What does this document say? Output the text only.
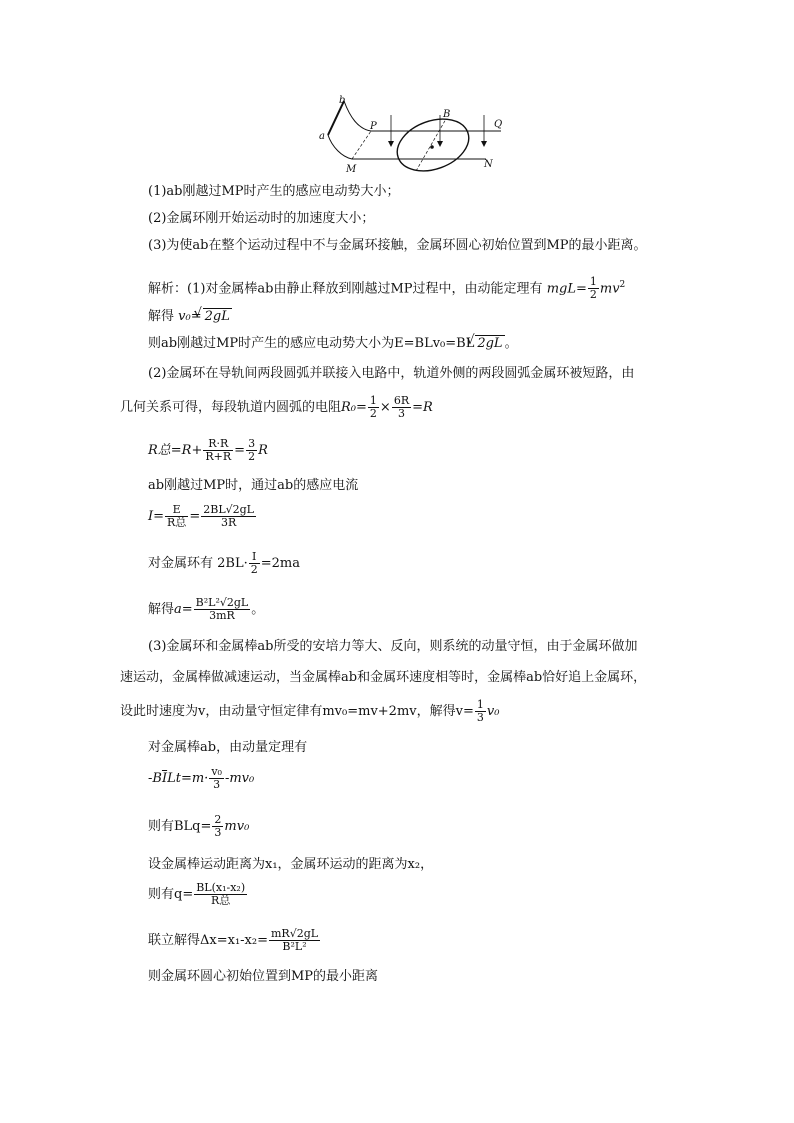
b
a
P
B
Q
M	N
(1)ab刚越过MP时产生的感应电动势大小；
(2)金属环刚开始运动时的加速度大小；
(3)为使ab在整个运动过程中不与金属环接触，金属环圆心初始位置到MP的最小距离。
解析：(1)对金属棒ab由静止释放到刚越过MP过程中，由动能定理有 $mgL= \frac{1}{2} mv^2$
解得 v₀= √ 2gL
则ab刚越过MP时产生的感应电动势大小为E=BLv₀=BL √ 2gL 。
(2)金属环在导轨间两段圆弧并联接入电路中，轨道外侧的两段圆弧金属环被短路，由
几何关系可得，每段轨道内圆弧的电阻$R_0= \frac{1}{2} \times \frac{6R}{3} =R$
R总$=R+ \frac{R\cdot R}{R+R} = \frac{3}{2}$ R
ab刚越过MP时，通过ab的感应电流
$I= \frac{E}{\text{R总}} = \frac{2BL√2gL}{3R}$
对金属环有 $2BL\cdot \frac{I}{2} =2ma$
解得$a= \frac{\text{B²L²√2gL}}{3mR}$ 。
(3)金属环和金属棒ab所受的安培力等大、反向，则系统的动量守恒，由于金属环做加
速运动，金属棒做减速运动，当金属棒ab和金属环速度相等时，金属棒ab恰好追上金属环，
设此时速度为v，由动量守恒定律有mv₀=mv+2mv，解得$v= \frac{1}{3} v_0$
对金属棒ab，由动量定理有
$-B\overline{I}Lt=m\cdot \frac{\text{v₀}}{3} -mv_0$
则有$BLq= \frac{2}{3} mv_0$
设金属棒运动距离为x₁，金属环运动的距离为x₂，
则有$q= \frac{\text{BL(x₁-x₂)}}{\text{R总}}$
联立解得$\Delta x=x_1-x_2= \frac{mR√2gL}{\text{B²L²}}$
则金属环圆心初始位置到MP的最小距离
